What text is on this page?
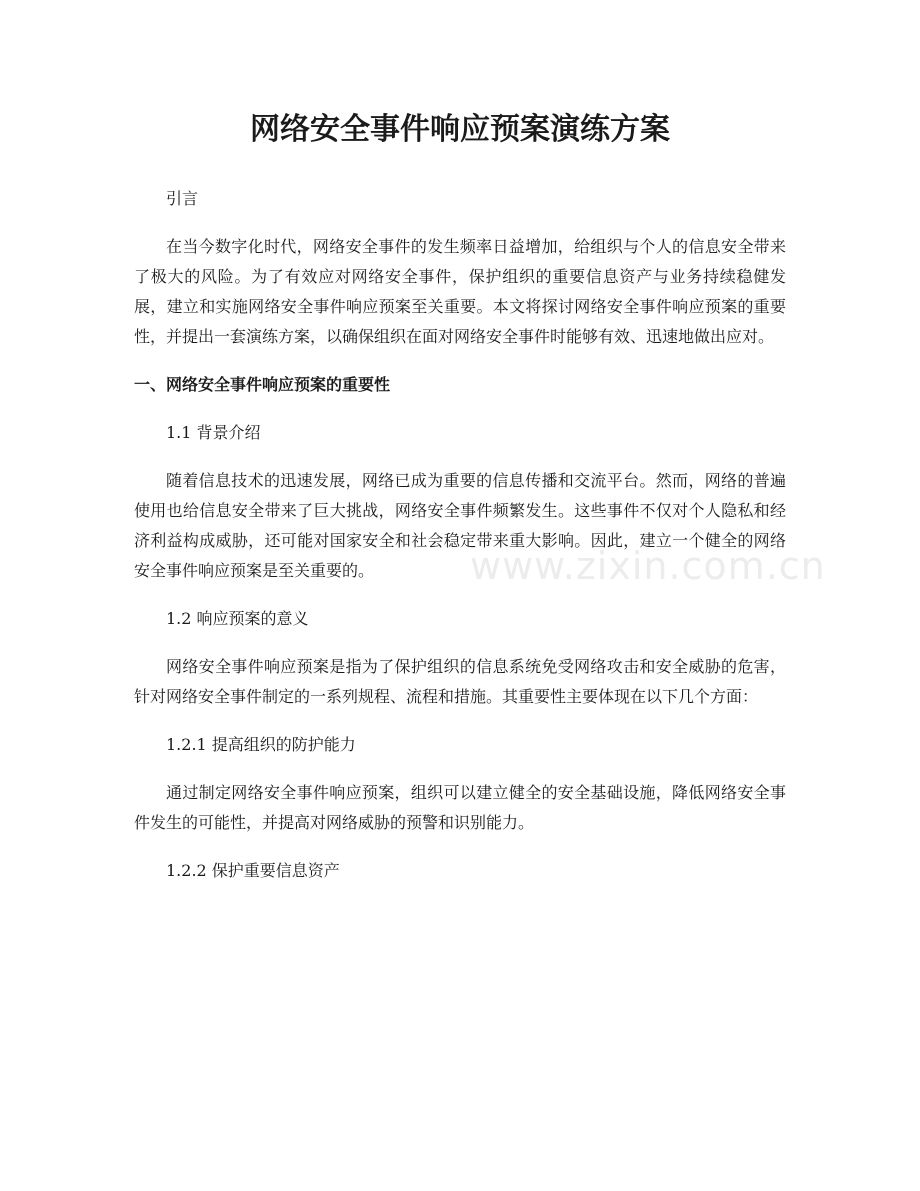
网络安全事件响应预案演练方案

引言

在当今数字化时代，网络安全事件的发生频率日益增加，给组织与个人的信息安全带来了极大的风险。为了有效应对网络安全事件，保护组织的重要信息资产与业务持续稳健发展，建立和实施网络安全事件响应预案至关重要。本文将探讨网络安全事件响应预案的重要性，并提出一套演练方案，以确保组织在面对网络安全事件时能够有效、迅速地做出应对。

一、网络安全事件响应预案的重要性

1.1 背景介绍

随着信息技术的迅速发展，网络已成为重要的信息传播和交流平台。然而，网络的普遍使用也给信息安全带来了巨大挑战，网络安全事件频繁发生。这些事件不仅对个人隐私和经济利益构成威胁，还可能对国家安全和社会稳定带来重大影响。因此，建立一个健全的网络安全事件响应预案是至关重要的。

1.2 响应预案的意义

网络安全事件响应预案是指为了保护组织的信息系统免受网络攻击和安全威胁的危害，针对网络安全事件制定的一系列规程、流程和措施。其重要性主要体现在以下几个方面：

1.2.1 提高组织的防护能力

通过制定网络安全事件响应预案，组织可以建立健全的安全基础设施，降低网络安全事件发生的可能性，并提高对网络威胁的预警和识别能力。

1.2.2 保护重要信息资产

www.zixin.com.cn
